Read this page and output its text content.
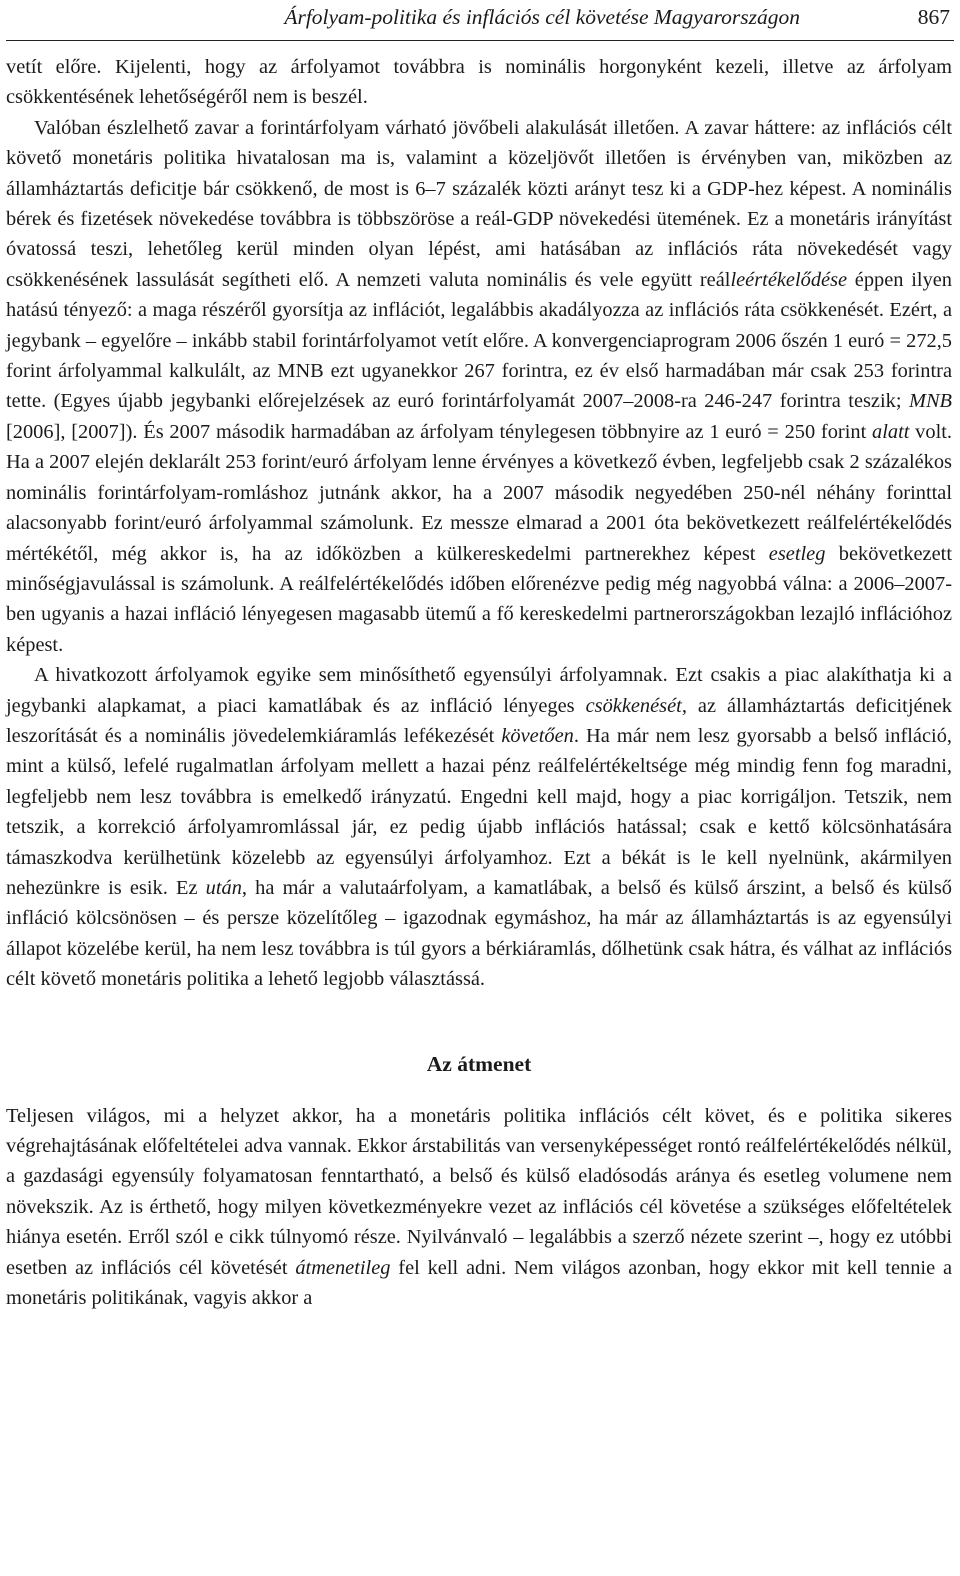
Árfolyam-politika és inflációs cél követése Magyarországon	867

vetít előre. Kijelenti, hogy az árfolyamot továbbra is nominális horgonyként kezeli, illetve az árfolyam csökkentésének lehetőségéről nem is beszél.

Valóban észlelhető zavar a forintárfolyam várható jövőbeli alakulását illetően. A zavar háttere: az inflációs célt követő monetáris politika hivatalosan ma is, valamint a közeljövőt illetően is érvényben van, miközben az államháztartás deficitje bár csökkenő, de most is 6–7 százalék közti arányt tesz ki a GDP-hez képest. A nominális bérek és fizetések növekedése továbbra is többszöröse a reál-GDP növekedési ütemének. Ez a monetáris irányítást óvatossá teszi, lehetőleg kerül minden olyan lépést, ami hatásában az inflációs ráta növekedését vagy csökkenésének lassulását segítheti elő. A nemzeti valuta nominális és vele együtt reálleértékelődése éppen ilyen hatású tényező: a maga részéről gyorsítja az inflációt, legalábbis akadályozza az inflációs ráta csökkenését. Ezért, a jegybank – egyelőre – inkább stabil forintárfolyamot vetít előre. A konvergenciaprogram 2006 őszén 1 euró = 272,5 forint árfolyammal kalkulált, az MNB ezt ugyanekkor 267 forintra, ez év első harmadában már csak 253 forintra tette. (Egyes újabb jegybanki előrejelzések az euró forintárfolyamát 2007–2008-ra 246-247 forintra teszik; MNB [2006], [2007]). És 2007 második harmadában az árfolyam ténylegesen többnyire az 1 euró = 250 forint alatt volt. Ha a 2007 elején deklarált 253 forint/euró árfolyam lenne érvényes a következő évben, legfeljebb csak 2 százalékos nominális forintárfolyam-romláshoz jutnánk akkor, ha a 2007 második negyedében 250-nél néhány forinttal alacsonyabb forint/euró árfolyammal számolunk. Ez messze elmarad a 2001 óta bekövetkezett reálfelértékelődés mértékétől, még akkor is, ha az időközben a külkereskedelmi partnerekhez képest esetleg bekövetkezett minőségjavulással is számolunk. A reálfelértékelődés időben előrenézve pedig még nagyobbá válna: a 2006–2007-ben ugyanis a hazai infláció lényegesen magasabb ütemű a fő kereskedelmi partnerországokban lezajló inflációhoz képest.

A hivatkozott árfolyamok egyike sem minősíthető egyensúlyi árfolyamnak. Ezt csakis a piac alakíthatja ki a jegybanki alapkamat, a piaci kamatlábak és az infláció lényeges csökkenését, az államháztartás deficitjének leszorítását és a nominális jövedelemkiáramlás lefékezését követően. Ha már nem lesz gyorsabb a belső infláció, mint a külső, lefelé rugalmatlan árfolyam mellett a hazai pénz reálfelértékeltsége még mindig fenn fog maradni, legfeljebb nem lesz továbbra is emelkedő irányzatú. Engedni kell majd, hogy a piac korrigáljon. Tetszik, nem tetszik, a korrekció árfolyamromlással jár, ez pedig újabb inflációs hatással; csak e kettő kölcsönhatására támaszkodva kerülhetünk közelebb az egyensúlyi árfolyamhoz. Ezt a békát is le kell nyelnünk, akármilyen nehezünkre is esik. Ez után, ha már a valutaárfolyam, a kamatlábak, a belső és külső árszint, a belső és külső infláció kölcsönösen – és persze közelítőleg – igazodnak egymáshoz, ha már az államháztartás is az egyensúlyi állapot közelébe kerül, ha nem lesz továbbra is túl gyors a bérkiáramlás, dőlhetünk csak hátra, és válhat az inflációs célt követő monetáris politika a lehető legjobb választássá.

Az átmenet

Teljesen világos, mi a helyzet akkor, ha a monetáris politika inflációs célt követ, és e politika sikeres végrehajtásának előfeltételei adva vannak. Ekkor árstabilitás van versenyképességet rontó reálfelértékelődés nélkül, a gazdasági egyensúly folyamatosan fenntartható, a belső és külső eladósodás aránya és esetleg volumene nem növekszik. Az is érthető, hogy milyen következményekre vezet az inflációs cél követése a szükséges előfeltételek hiánya esetén. Erről szól e cikk túlnyomó része. Nyilvánvaló – legalábbis a szerző nézete szerint –, hogy ez utóbbi esetben az inflációs cél követését átmenetileg fel kell adni. Nem világos azonban, hogy ekkor mit kell tennie a monetáris politikának, vagyis akkor a
